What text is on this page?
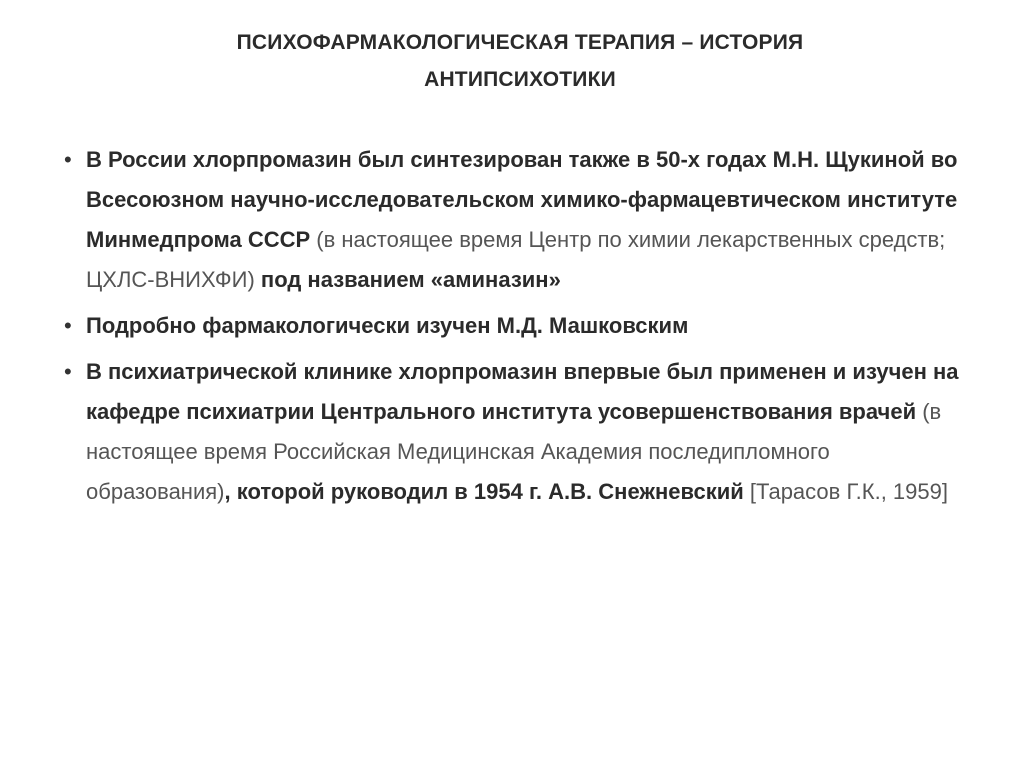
ПСИХОФАРМАКОЛОГИЧЕСКАЯ ТЕРАПИЯ – ИСТОРИЯ
АНТИПСИХОТИКИ
• В России хлорпромазин был синтезирован также в 50-х годах М.Н. Щукиной во Всесоюзном научно-исследовательском химико-фармацевтическом институте Минмедпрома СССР (в настоящее время Центр по химии лекарственных средств; ЦХЛС-ВНИХФИ) под названием «аминазин»
• Подробно фармакологически изучен М.Д. Машковским
• В психиатрической клинике хлорпромазин впервые был применен и изучен на кафедре психиатрии Центрального института усовершенствования врачей (в настоящее время Российская Медицинская Академия последипломного образования), которой руководил в 1954 г. А.В. Снежневский [Тарасов Г.К., 1959]
